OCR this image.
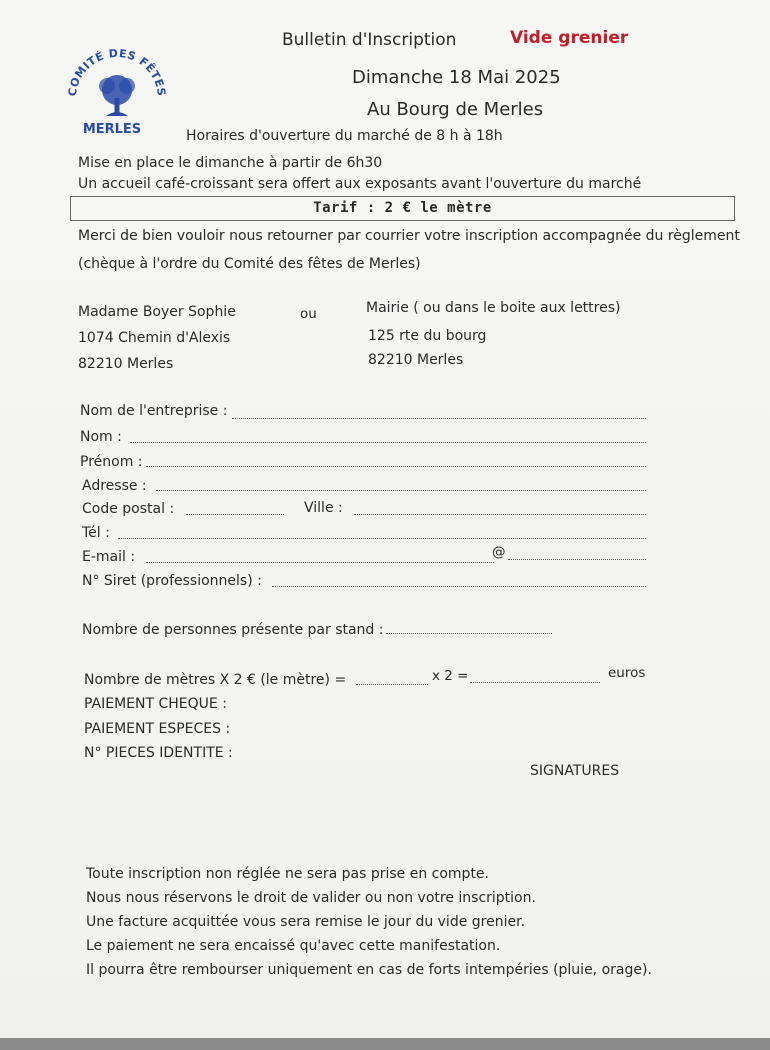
COMITÉ DES FÊTES
MERLES
Bulletin d'Inscription	Vide grenier
Dimanche 18 Mai 2025
Au Bourg de Merles
Horaires d'ouverture du marché de 8 h à 18h
Mise en place le dimanche à partir de 6h30
Un accueil café-croissant sera offert aux exposants avant l'ouverture du marché
Tarif : 2 € le mètre
Merci de bien vouloir nous retourner par courrier votre inscription accompagnée du règlement
(chèque à l'ordre du Comité des fêtes de Merles)
Madame Boyer Sophie
1074 Chemin d'Alexis
82210 Merles
ou	Mairie ( ou dans le boite aux lettres)
125 rte du bourg
82210 Merles
Nom de l'entreprise :
Nom :
Prénom :
Adresse :
Code postal :	Ville :
Tél :
E-mail :	@
N° Siret (professionnels) :
Nombre de personnes présente par stand :
Nombre de mètres X 2 € (le mètre) =	x 2 =	euros
PAIEMENT CHEQUE :
PAIEMENT ESPECES :
N° PIECES IDENTITE :
SIGNATURES
Toute inscription non réglée ne sera pas prise en compte.
Nous nous réservons le droit de valider ou non votre inscription.
Une facture acquittée vous sera remise le jour du vide grenier.
Le paiement ne sera encaissé qu'avec cette manifestation.
Il pourra être rembourser uniquement en cas de forts intempéries (pluie, orage).
